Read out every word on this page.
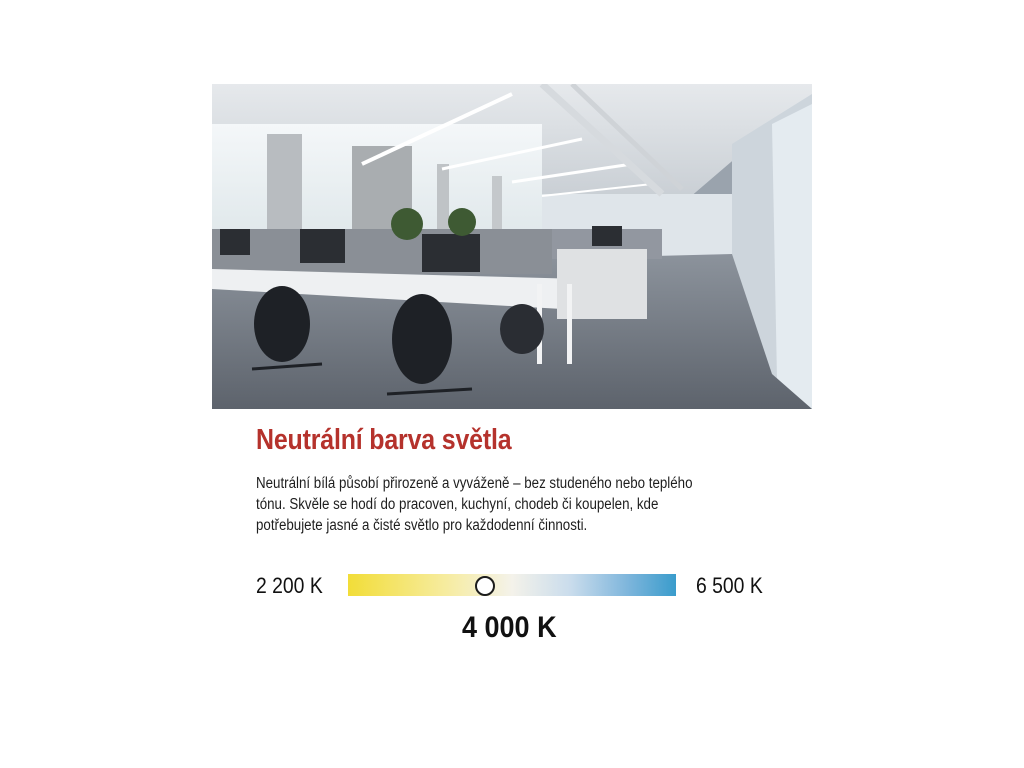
Neutrální barva světla

Neutrální bílá působí přirozeně a vyváženě – bez studeného nebo teplého

tónu. Skvěle se hodí do pracoven, kuchyní, chodeb či koupelen, kde

potřebujete jasné a čisté světlo pro každodenní činnosti.

2 200 K	6 500 K
4 000 K
